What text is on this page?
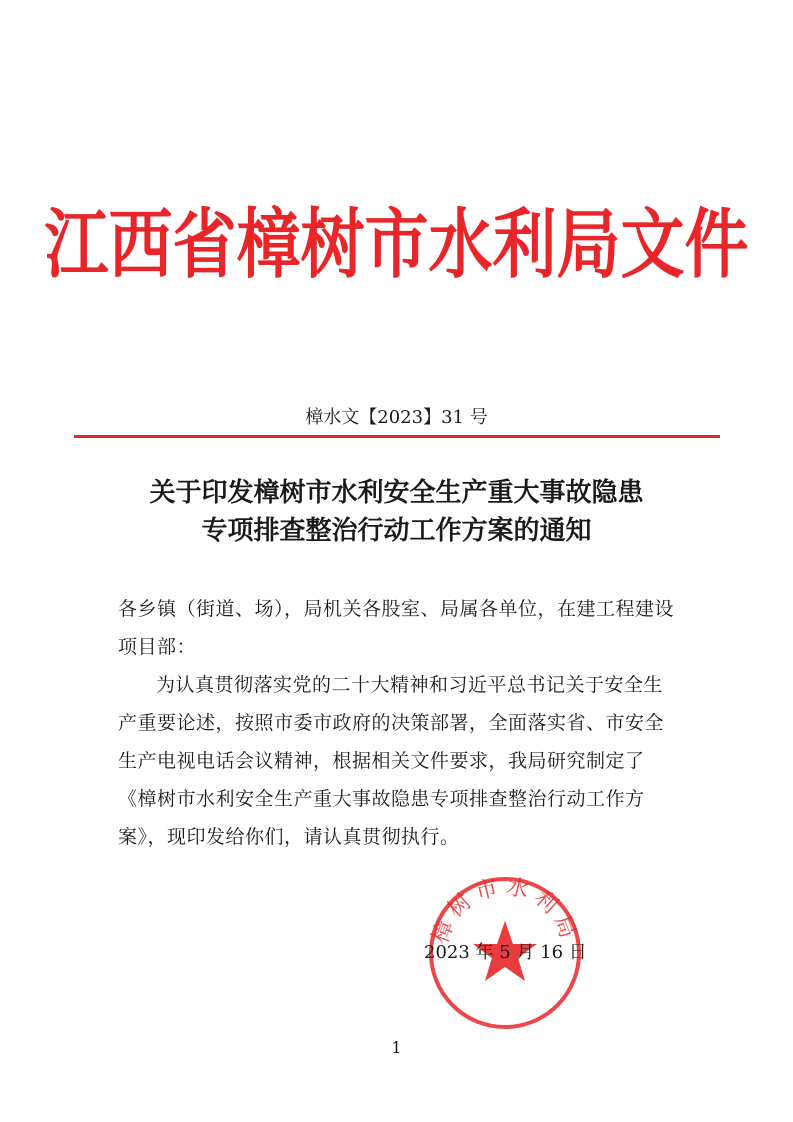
江西省樟树市水利局文件
樟水文【2023】31 号
关于印发樟树市水利安全生产重大事故隐患
专项排查整治行动工作方案的通知

各乡镇（街道、场），局机关各股室、局属各单位，在建工程建设项目部：

为认真贯彻落实党的二十大精神和习近平总书记关于安全生产重要论述，按照市委市政府的决策部署，全面落实省、市安全生产电视电话会议精神，根据相关文件要求，我局研究制定了《樟树市水利安全生产重大事故隐患专项排查整治行动工作方案》，现印发给你们，请认真贯彻执行。

樟树市水利局
2023 年 5 月 16 日
1
